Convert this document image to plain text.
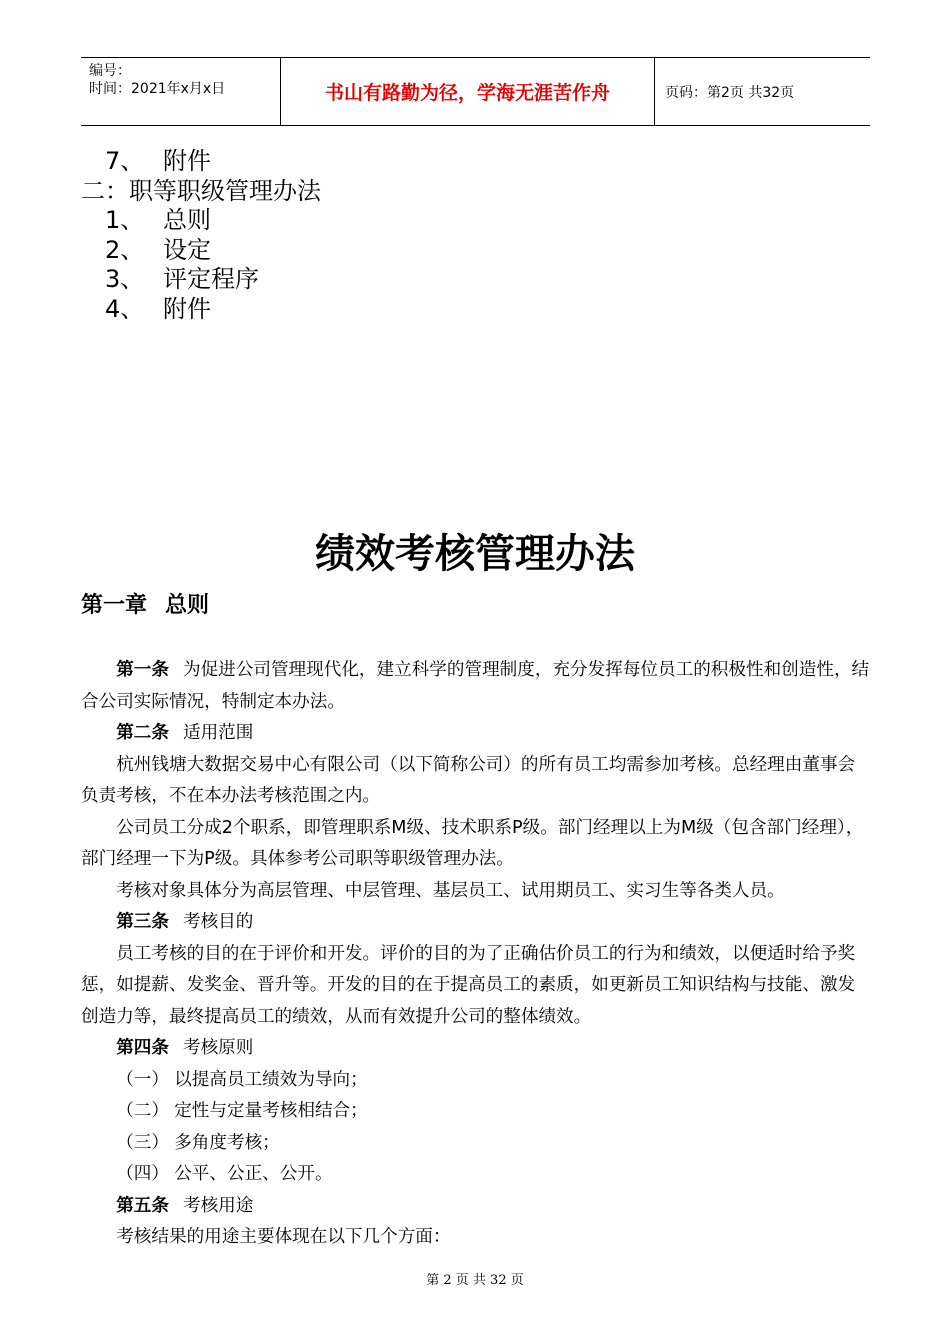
编号：
时间：2021年x月x日	书山有路勤为径，学海无涯苦作舟	页码：第2页 共32页
7、 附件
二：职等职级管理办法
1、 总则
2、 设定
3、 评定程序
4、 附件
绩效考核管理办法
第一章 总则

第一条 为促进公司管理现代化，建立科学的管理制度，充分发挥每位员工的积极性和创造性，结合公司实际情况，特制定本办法。

第二条 适用范围

杭州钱塘大数据交易中心有限公司（以下简称公司）的所有员工均需参加考核。总经理由董事会负责考核，不在本办法考核范围之内。

公司员工分成2个职系，即管理职系M级、技术职系P级。部门经理以上为M级（包含部门经理），部门经理一下为P级。具体参考公司职等职级管理办法。

考核对象具体分为高层管理、中层管理、基层员工、试用期员工、实习生等各类人员。

第三条 考核目的

员工考核的目的在于评价和开发。评价的目的为了正确估价员工的行为和绩效，以便适时给予奖惩，如提薪、发奖金、晋升等。开发的目的在于提高员工的素质，如更新员工知识结构与技能、激发创造力等，最终提高员工的绩效，从而有效提升公司的整体绩效。

第四条 考核原则

（一） 以提高员工绩效为导向；

（二） 定性与定量考核相结合；

（三） 多角度考核；

（四） 公平、公正、公开。

第五条 考核用途

考核结果的用途主要体现在以下几个方面：

第 2 页 共 32 页
